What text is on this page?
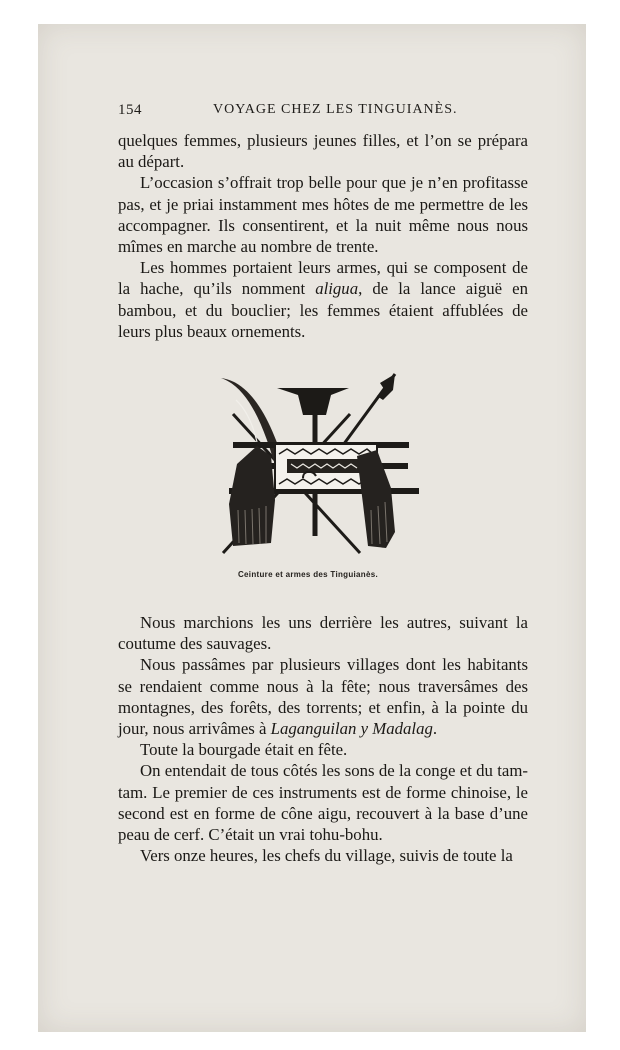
154	VOYAGE CHEZ LES TINGUIANÈS.

quelques femmes, plusieurs jeunes filles, et l’on se prépara au départ.

L’occasion s’offrait trop belle pour que je n’en profitasse pas, et je priai instamment mes hôtes de me permettre de les accompagner. Ils consentirent, et la nuit même nous nous mîmes en marche au nombre de trente.

Les hommes portaient leurs armes, qui se composent de la hache, qu’ils nomment aligua, de la lance aiguë en bambou, et du bouclier; les femmes étaient affublées de leurs plus beaux ornements.

Ceinture et armes des Tinguianès.

Nous marchions les uns derrière les autres, suivant la coutume des sauvages.

Nous passâmes par plusieurs villages dont les habitants se rendaient comme nous à la fête; nous traversâmes des montagnes, des forêts, des torrents; et enfin, à la pointe du jour, nous arrivâmes à Laganguilan y Madalag.

Toute la bourgade était en fête.

On entendait de tous côtés les sons de la conge et du tam-tam. Le premier de ces instruments est de forme chinoise, le second est en forme de cône aigu, recouvert à la base d’une peau de cerf. C’était un vrai tohu-bohu.

Vers onze heures, les chefs du village, suivis de toute la
